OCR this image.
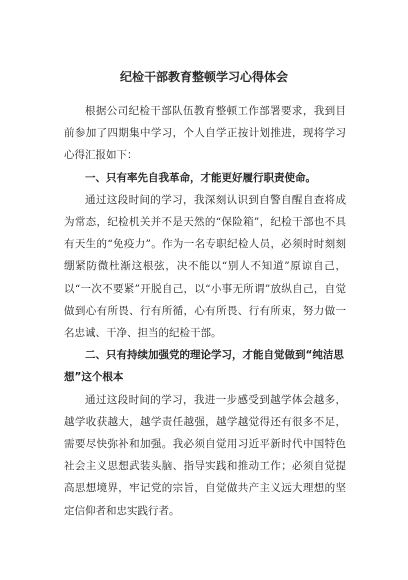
纪检干部教育整顿学习心得体会

根据公司纪检干部队伍教育整顿工作部署要求，我到目前参加了四期集中学习，个人自学正按计划推进，现将学习心得汇报如下：

一、只有率先自我革命，才能更好履行职责使命。

通过这段时间的学习，我深刻认识到自警自醒自查将成为常态，纪检机关并不是天然的“保险箱”，纪检干部也不具有天生的“免疫力”。作为一名专职纪检人员，必须时时刻刻绷紧防微杜渐这根弦，决不能以“别人不知道”原谅自己，以“一次不要紧”开脱自己，以“小事无所谓”放纵自己，自觉做到心有所畏、行有所循，心有所畏、行有所束，努力做一名忠诚、干净、担当的纪检干部。

二、只有持续加强党的理论学习，才能自觉做到“纯洁思想”这个根本

通过这段时间的学习，我进一步感受到越学体会越多，越学收获越大，越学责任越强，越学越觉得还有很多不足，需要尽快弥补和加强。我必须自觉用习近平新时代中国特色社会主义思想武装头脑、指导实践和推动工作；必须自觉提高思想境界，牢记党的宗旨，自觉做共产主义远大理想的坚定信仰者和忠实践行者。
